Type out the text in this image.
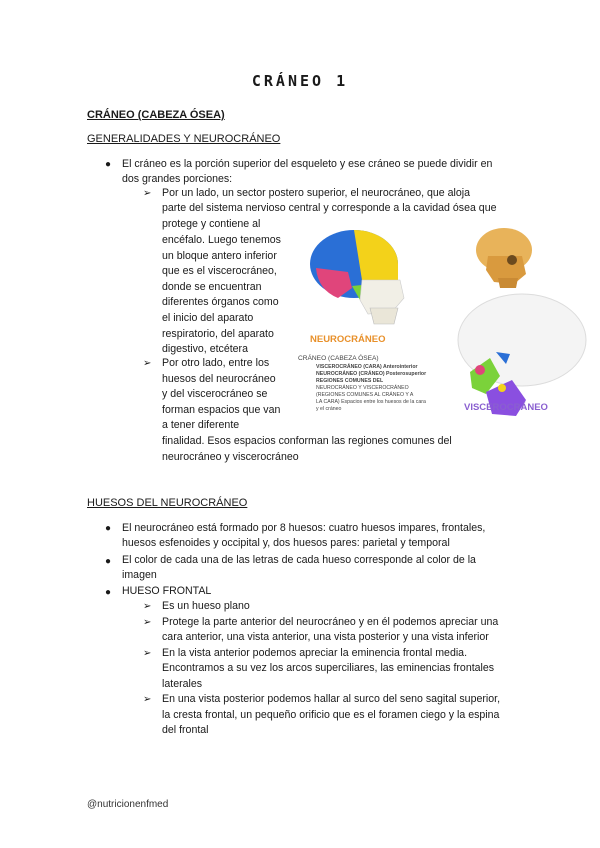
CRÁNEO 1
CRÁNEO (CABEZA ÓSEA)
GENERALIDADES Y NEUROCRÁNEO
● El cráneo es la porción superior del esqueleto y ese cráneo se puede dividir en
dos grandes porciones:
➢ Por un lado, un sector postero superior, el neurocráneo, que aloja
parte del sistema nervioso central y corresponde a la cavidad ósea que
protege y contiene al
encéfalo. Luego tenemos
un bloque antero inferior
que es el viscerocráneo,
donde se encuentran
diferentes órganos como
el inicio del aparato
respiratorio, del aparato
digestivo, etcétera
➢ Por otro lado, entre los
huesos del neurocráneo
y del viscerocráneo se
forman espacios que van
a tener diferente
finalidad. Esos espacios conforman las regiones comunes del
neurocráneo y viscerocráneo
NEUROCRÁNEO
VISCEROCRÁNEO
CRÁNEO (CABEZA ÓSEA)
VISCEROCRÁNEO (CARA) Anterointerior
NEUROCRÁNEO (CRÁNEO) Posterosuperior
REGIONES COMUNES DEL
NEUROCRÁNEO Y VISCEROCRÁNEO
(REGIONES COMUNES AL CRÁNEO Y A
LA CARA) Espacios entre los huesos de la cara
y el cráneo
HUESOS DEL NEUROCRÁNEO
● El neurocráneo está formado por 8 huesos: cuatro huesos impares, frontales,
huesos esfenoides y occipital y, dos huesos pares: parietal y temporal
● El color de cada una de las letras de cada hueso corresponde al color de la
imagen
● HUESO FRONTAL
➢ Es un hueso plano
➢ Protege la parte anterior del neurocráneo y en él podemos apreciar una
cara anterior, una vista anterior, una vista posterior y una vista inferior
➢ En la vista anterior podemos apreciar la eminencia frontal media.
Encontramos a su vez los arcos superciliares, las eminencias frontales
laterales
➢ En una vista posterior podemos hallar al surco del seno sagital superior,
la cresta frontal, un pequeño orificio que es el foramen ciego y la espina
del frontal
@nutricionenfmed
